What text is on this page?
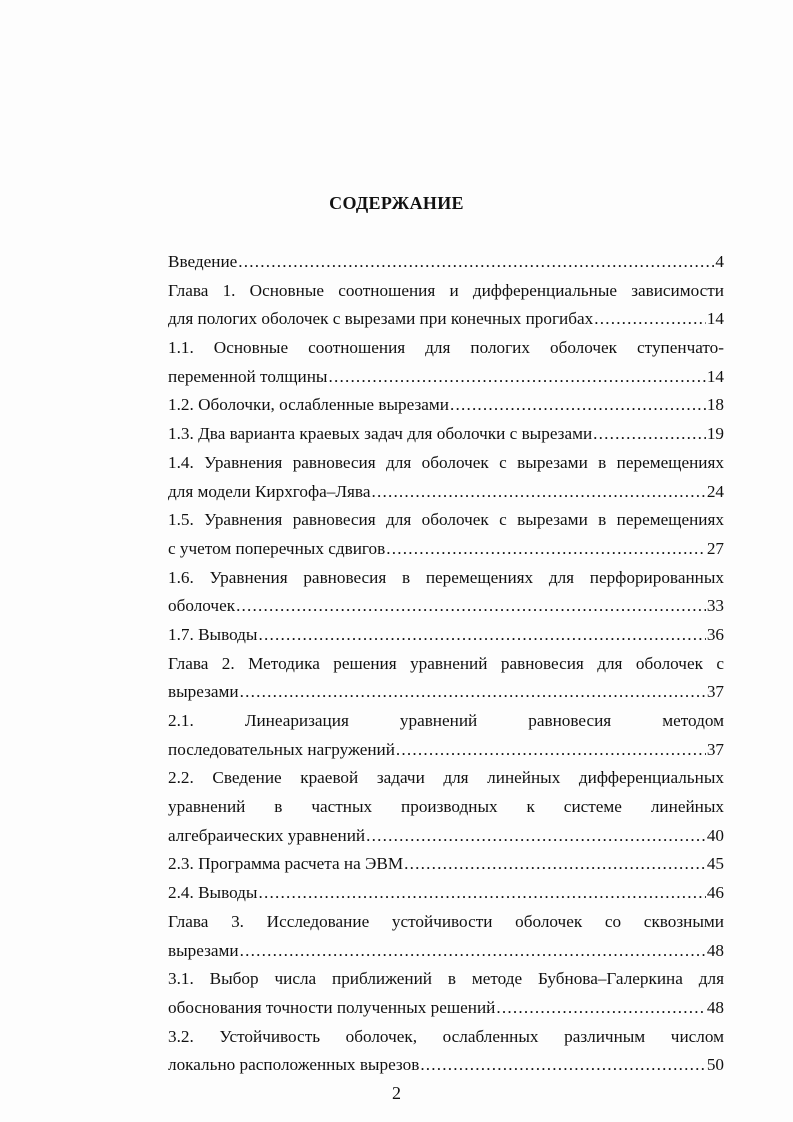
СОДЕРЖАНИЕ
Введение .....	4
Глава 1. Основные соотношения и дифференциальные зависимости
для пологих оболочек с вырезами при конечных прогибах .....	14
1.1. Основные соотношения для пологих оболочек ступенчато-
переменной толщины .....	14
1.2. Оболочки, ослабленные вырезами .....	18
1.3. Два варианта краевых задач для оболочки с вырезами .....	19
1.4. Уравнения равновесия для оболочек с вырезами в перемещениях
для модели Кирхгофа–Лява .....	24
1.5. Уравнения равновесия для оболочек с вырезами в перемещениях
с учетом поперечных сдвигов .....	27
1.6. Уравнения равновесия в перемещениях для перфорированных
оболочек .....	33
1.7. Выводы .....	36
Глава 2. Методика решения уравнений равновесия для оболочек с
вырезами .....	37
2.1. Линеаризация уравнений равновесия методом
последовательных нагружений .....	37
2.2. Сведение краевой задачи для линейных дифференциальных
уравнений в частных производных к системе линейных
алгебраических уравнений .....	40
2.3. Программа расчета на ЭВМ .....	45
2.4. Выводы .....	46
Глава 3. Исследование устойчивости оболочек со сквозными
вырезами .....	48
3.1. Выбор числа приближений в методе Бубнова–Галеркина для
обоснования точности полученных решений .....	48
3.2. Устойчивость оболочек, ослабленных различным числом
локально расположенных вырезов .....	50
2
